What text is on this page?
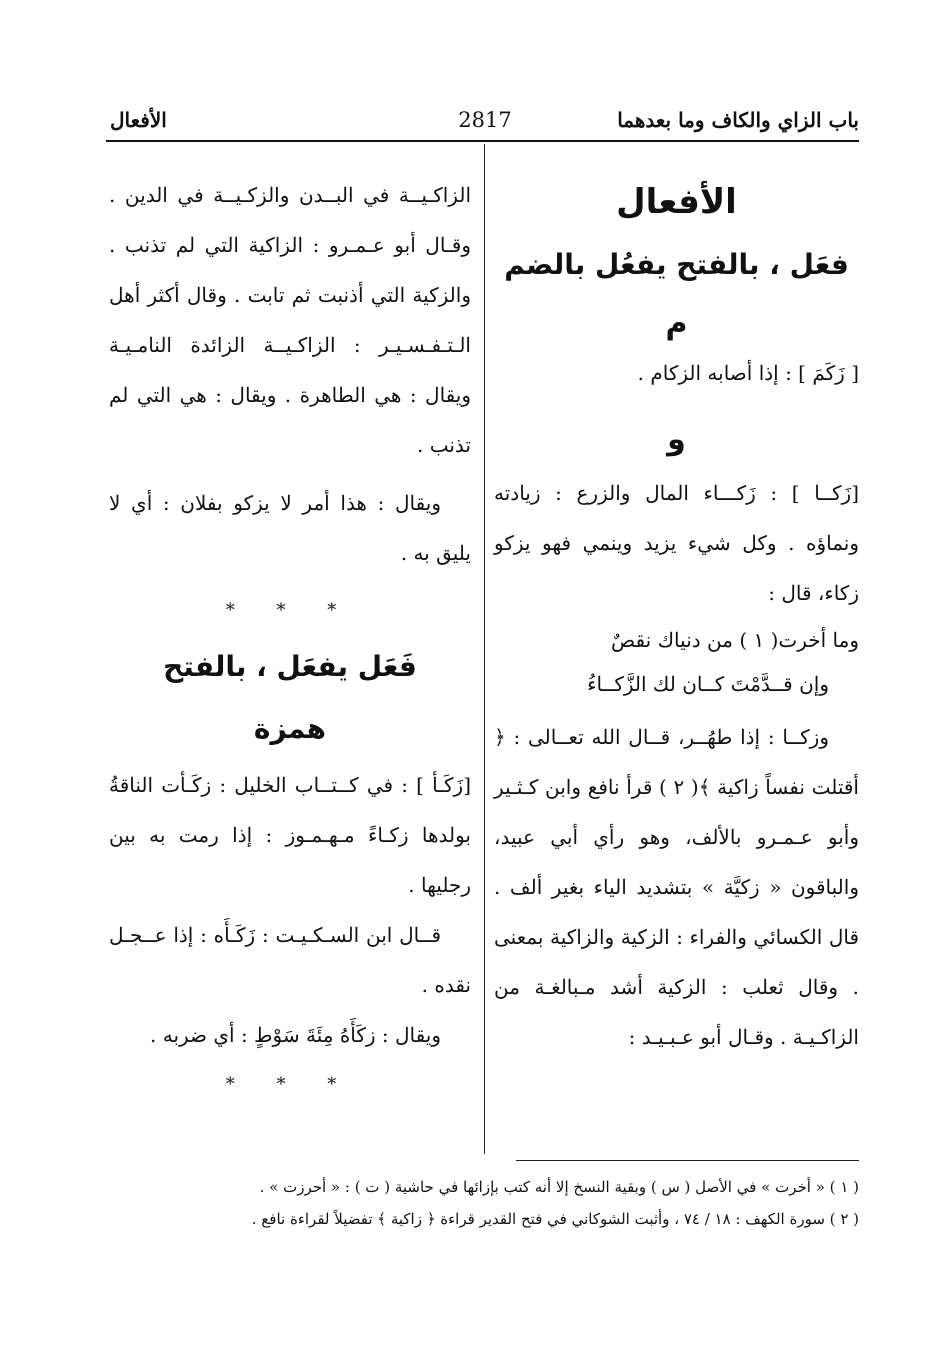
باب الزاي والكاف وما بعدهما
2817
الأفعال

الأفعال

فعَل ، بالفتح يفعُل بالضم

م

[ زَكَمَ ] : إذا أصابه الزكام .

و

[زَكــا ] : زَكـــاء المال والزرع : زيادته ونماؤه . وكل شيء يزيد وينمي فهو يزكو زكاء، قال :

وما أخرت( ١ ) من دنياك نقصٌ

وإن قــدَّمْتَ كــان لك الزَّكــاءُ

وزكــا : إذا طهُــر، قــال الله تعــالى : ﴿ أقتلت نفساً زاكية ﴾( ٢ ) قرأ نافع وابن كـثـير وأبو عـمـرو بالألف، وهو رأي أبي عبيد، والباقون « زكيَّة » بتشديد الياء بغير ألف . قال الكسائي والفراء : الزكية والزاكية بمعنى . وقال ثعلب : الزكية أشد مـبالغـة من الزاكـيـة . وقـال أبو عـبـيـد :

الزاكـيــة في البــدن والزكـيــة في الدين . وقـال أبو عـمـرو : الزاكية التي لم تذنب . والزكية التي أذنبت ثم تابت . وقال أكثر أهل الـتـفـسـيـر : الزاكـيــة الزائدة النامـيـة ويقال : هي الطاهرة . ويقال : هي التي لم تذنب .

ويقال : هذا أمر لا يزكو بفلان : أي لا يليق به .

* * *

فَعَل يفعَل ، بالفتح

همزة

[زَكَـأ ] : في كــتــاب الخليل : زكَـأت الناقةُ بولدها زكـاءً مـهـمـوز : إذا رمت به بين رجليها .

قــال ابن السـكـيـت : زَكَـأَه : إذا عــجـل نقده .

ويقال : زكَأَهُ مِئَةَ سَوْطٍ : أي ضربه .

* * *

( ١ ) « أخرت » في الأصل ( س ) وبقية النسخ إلا أنه كتب بإزائها في حاشية ( ت ) : « أحرزت » .

( ٢ ) سورة الكهف : ١٨ / ٧٤ ، وأثبت الشوكاني في فتح القدير قراءة ﴿ زاكية ﴾ تفضيلاً لقراءة نافع .
